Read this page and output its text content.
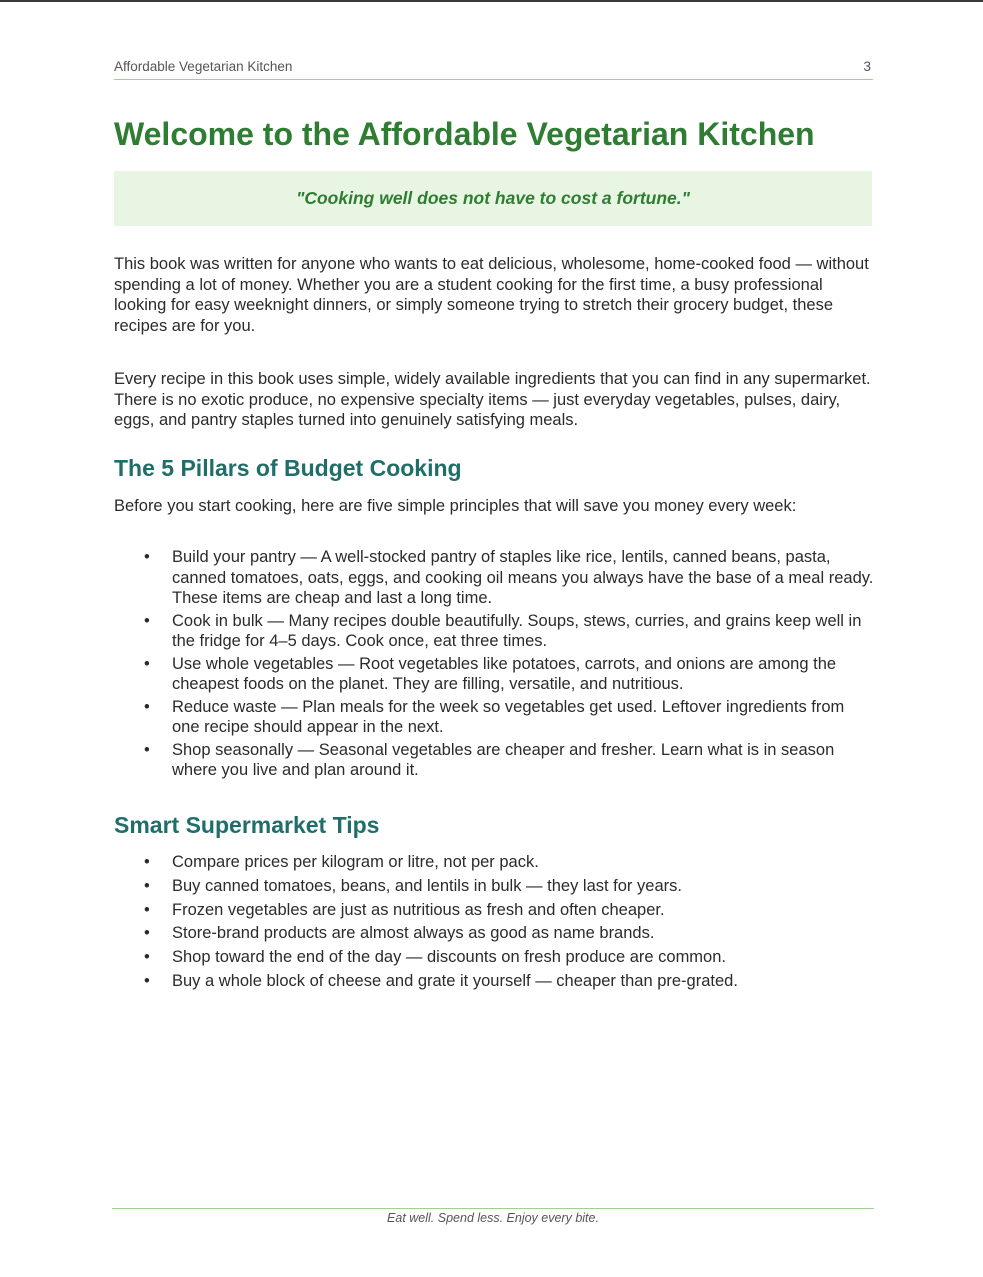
Affordable Vegetarian Kitchen	3
Welcome to the Affordable Vegetarian Kitchen
"Cooking well does not have to cost a fortune."

This book was written for anyone who wants to eat delicious, wholesome, home-cooked food — without spending a lot of money. Whether you are a student cooking for the first time, a busy professional looking for easy weeknight dinners, or simply someone trying to stretch their grocery budget, these recipes are for you.

Every recipe in this book uses simple, widely available ingredients that you can find in any supermarket. There is no exotic produce, no expensive specialty items — just everyday vegetables, pulses, dairy, eggs, and pantry staples turned into genuinely satisfying meals.

The 5 Pillars of Budget Cooking

Before you start cooking, here are five simple principles that will save you money every week:

• Build your pantry — A well-stocked pantry of staples like rice, lentils, canned beans, pasta, canned tomatoes, oats, eggs, and cooking oil means you always have the base of a meal ready. These items are cheap and last a long time.
• Cook in bulk — Many recipes double beautifully. Soups, stews, curries, and grains keep well in the fridge for 4–5 days. Cook once, eat three times.
• Use whole vegetables — Root vegetables like potatoes, carrots, and onions are among the cheapest foods on the planet. They are filling, versatile, and nutritious.
• Reduce waste — Plan meals for the week so vegetables get used. Leftover ingredients from one recipe should appear in the next.
• Shop seasonally — Seasonal vegetables are cheaper and fresher. Learn what is in season where you live and plan around it.
Smart Supermarket Tips
• Compare prices per kilogram or litre, not per pack.
• Buy canned tomatoes, beans, and lentils in bulk — they last for years.
• Frozen vegetables are just as nutritious as fresh and often cheaper.
• Store-brand products are almost always as good as name brands.
• Shop toward the end of the day — discounts on fresh produce are common.
• Buy a whole block of cheese and grate it yourself — cheaper than pre-grated.
Eat well. Spend less. Enjoy every bite.
